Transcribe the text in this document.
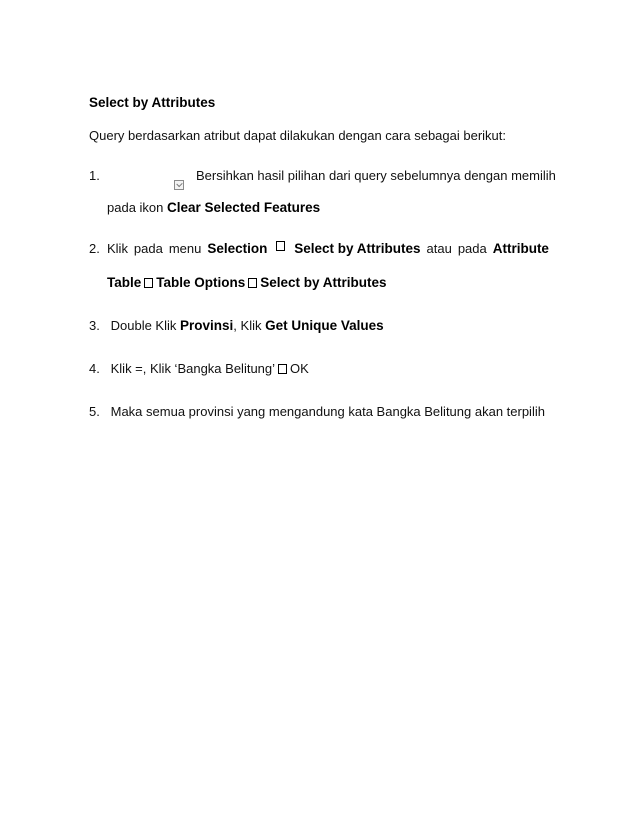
Select by Attributes
Query berdasarkan atribut dapat dilakukan dengan cara sebagai berikut:
1.	Bersihkan hasil pilihan dari query sebelumnya dengan memilih
pada ikon Clear Selected Features
2. Klik pada menu Selection Select by Attributes atau pada Attribute
Table Table Options Select by Attributes
3. Double Klik Provinsi, Klik Get Unique Values
4. Klik =, Klik ‘Bangka Belitung’ OK
5. Maka semua provinsi yang mengandung kata Bangka Belitung akan terpilih
